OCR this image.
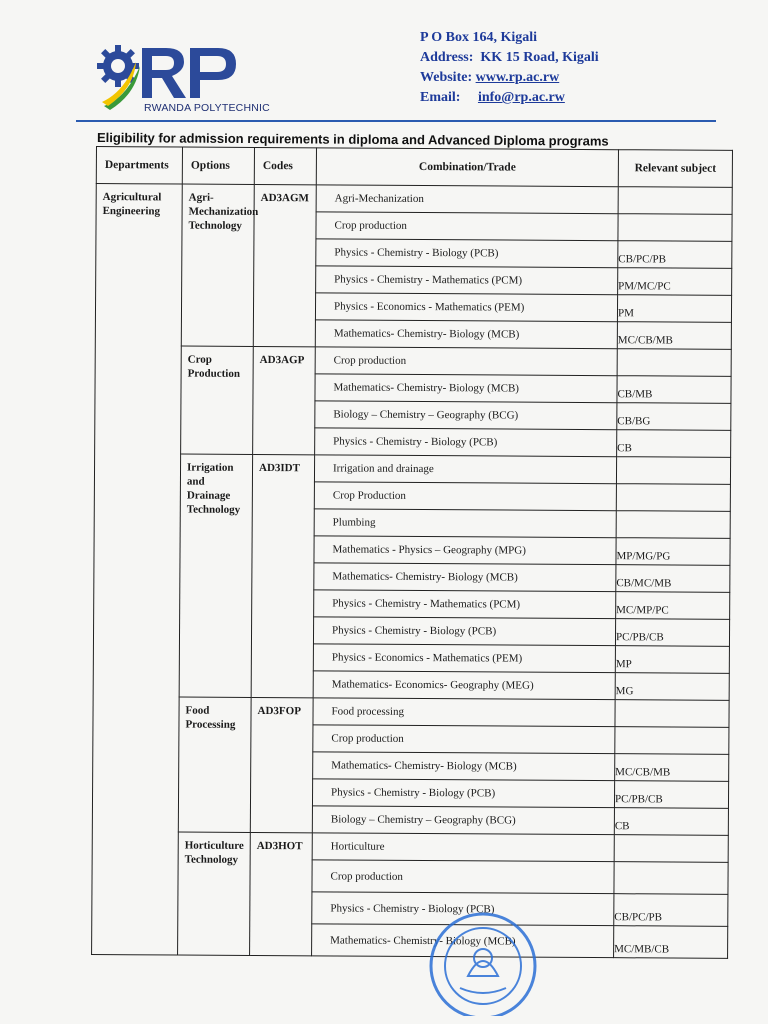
RWANDA POLYTECHNIC
P O Box 164, Kigali
Address: KK 15 Road, Kigali
Website: www.rp.ac.rw
Email: info@rp.ac.rw
Eligibility for admission requirements in diploma and Advanced Diploma programs
Departments	Options	Codes	Combination/Trade	Relevant subject
Agricultural Engineering	Agri-Mechanization Technology	AD3AGM	Agri-Mechanization	

			Crop production	

			Physics - Chemistry - Biology (PCB)	CB/PC/PB

			Physics - Chemistry - Mathematics (PCM)	PM/MC/PC

			Physics - Economics - Mathematics (PEM)	PM

			Mathematics- Chemistry- Biology (MCB)	MC/CB/MB

	Crop Production	AD3AGP	Crop production	

			Mathematics- Chemistry- Biology (MCB)	CB/MB

			Biology – Chemistry – Geography (BCG)	CB/BG

			Physics - Chemistry - Biology (PCB)	CB

	Irrigation and Drainage Technology	AD3IDT	Irrigation and drainage	

			Crop Production	

			Plumbing	

			Mathematics - Physics – Geography (MPG)	MP/MG/PG

			Mathematics- Chemistry- Biology (MCB)	CB/MC/MB

			Physics - Chemistry - Mathematics (PCM)	MC/MP/PC

			Physics - Chemistry - Biology (PCB)	PC/PB/CB

			Physics - Economics - Mathematics (PEM)	MP

			Mathematics- Economics- Geography (MEG)	MG

	Food Processing	AD3FOP	Food processing	

			Crop production	

			Mathematics- Chemistry- Biology (MCB)	MC/CB/MB

			Physics - Chemistry - Biology (PCB)	PC/PB/CB

			Biology – Chemistry – Geography (BCG)	CB

	Horticulture Technology	AD3HOT	Horticulture	

			Crop production	

			Physics - Chemistry - Biology (PCB)	CB/PC/PB

			Mathematics- Chemistry- Biology (MCB)	MC/MB/CB
